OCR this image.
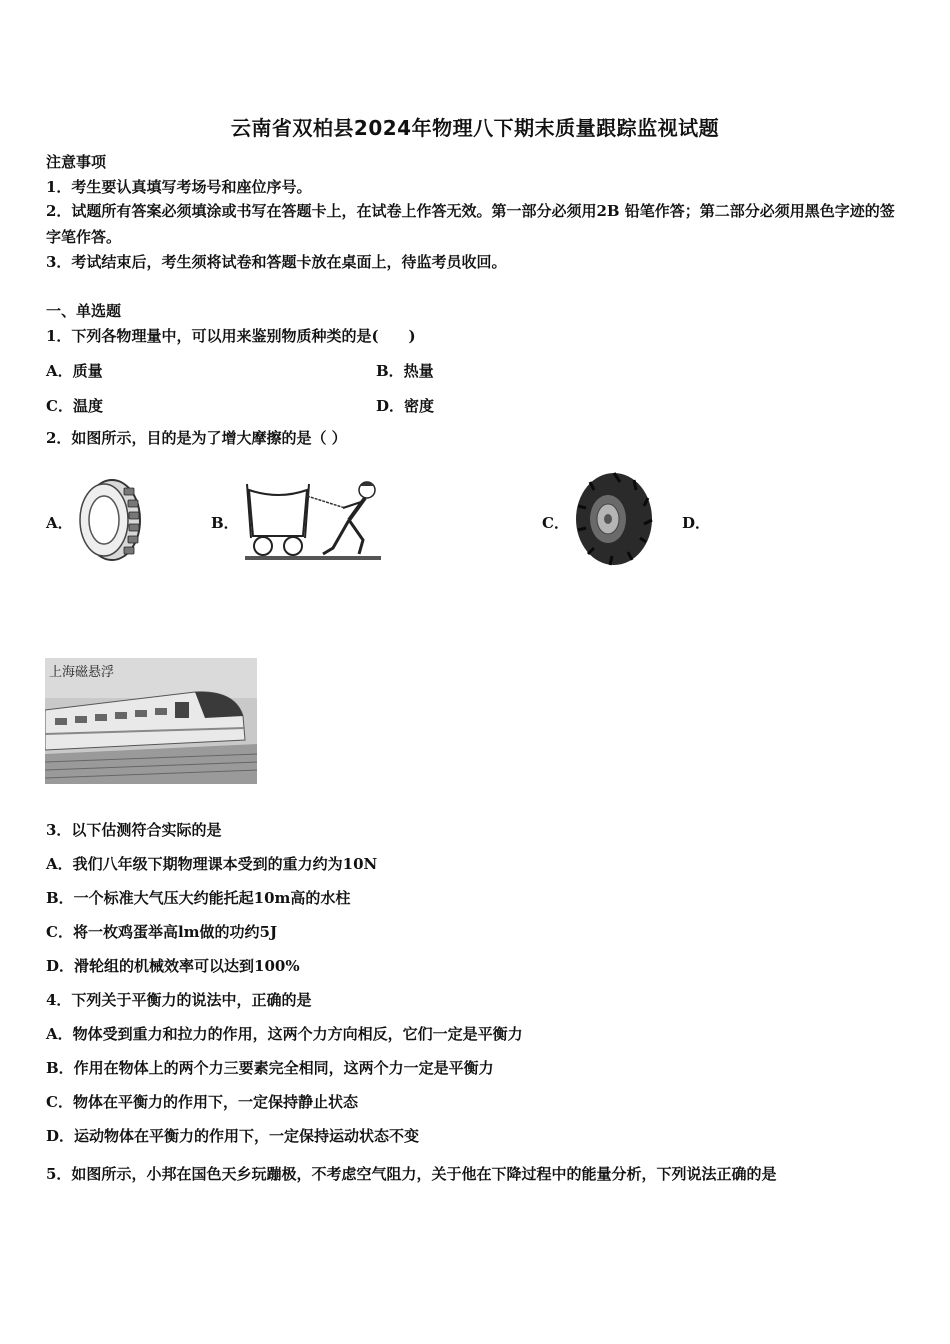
云南省双柏县2024年物理八下期末质量跟踪监视试题
注意事项
1．考生要认真填写考场号和座位序号。
2．试题所有答案必须填涂或书写在答题卡上，在试卷上作答无效。第一部分必须用2B 铅笔作答；第二部分必须用黑色字迹的签字笔作答。
3．考试结束后，考生须将试卷和答题卡放在桌面上，待监考员收回。
一、单选题
1．下列各物理量中，可以用来鉴别物质种类的是(　　)
A．质量	B．热量
C．温度	D．密度
2．如图所示，目的是为了增大摩擦的是（ ）
A．	B．	C．	D．
上海磁悬浮
3．以下估测符合实际的是
A．我们八年级下期物理课本受到的重力约为10N
B．一个标准大气压大约能托起10m高的水柱
C．将一枚鸡蛋举高lm做的功约5J
D．滑轮组的机械效率可以达到100%
4．下列关于平衡力的说法中，正确的是
A．物体受到重力和拉力的作用，这两个力方向相反，它们一定是平衡力
B．作用在物体上的两个力三要素完全相同，这两个力一定是平衡力
C．物体在平衡力的作用下，一定保持静止状态
D．运动物体在平衡力的作用下，一定保持运动状态不变
5．如图所示，小邦在国色天乡玩蹦极，不考虑空气阻力，关于他在下降过程中的能量分析，下列说法正确的是
